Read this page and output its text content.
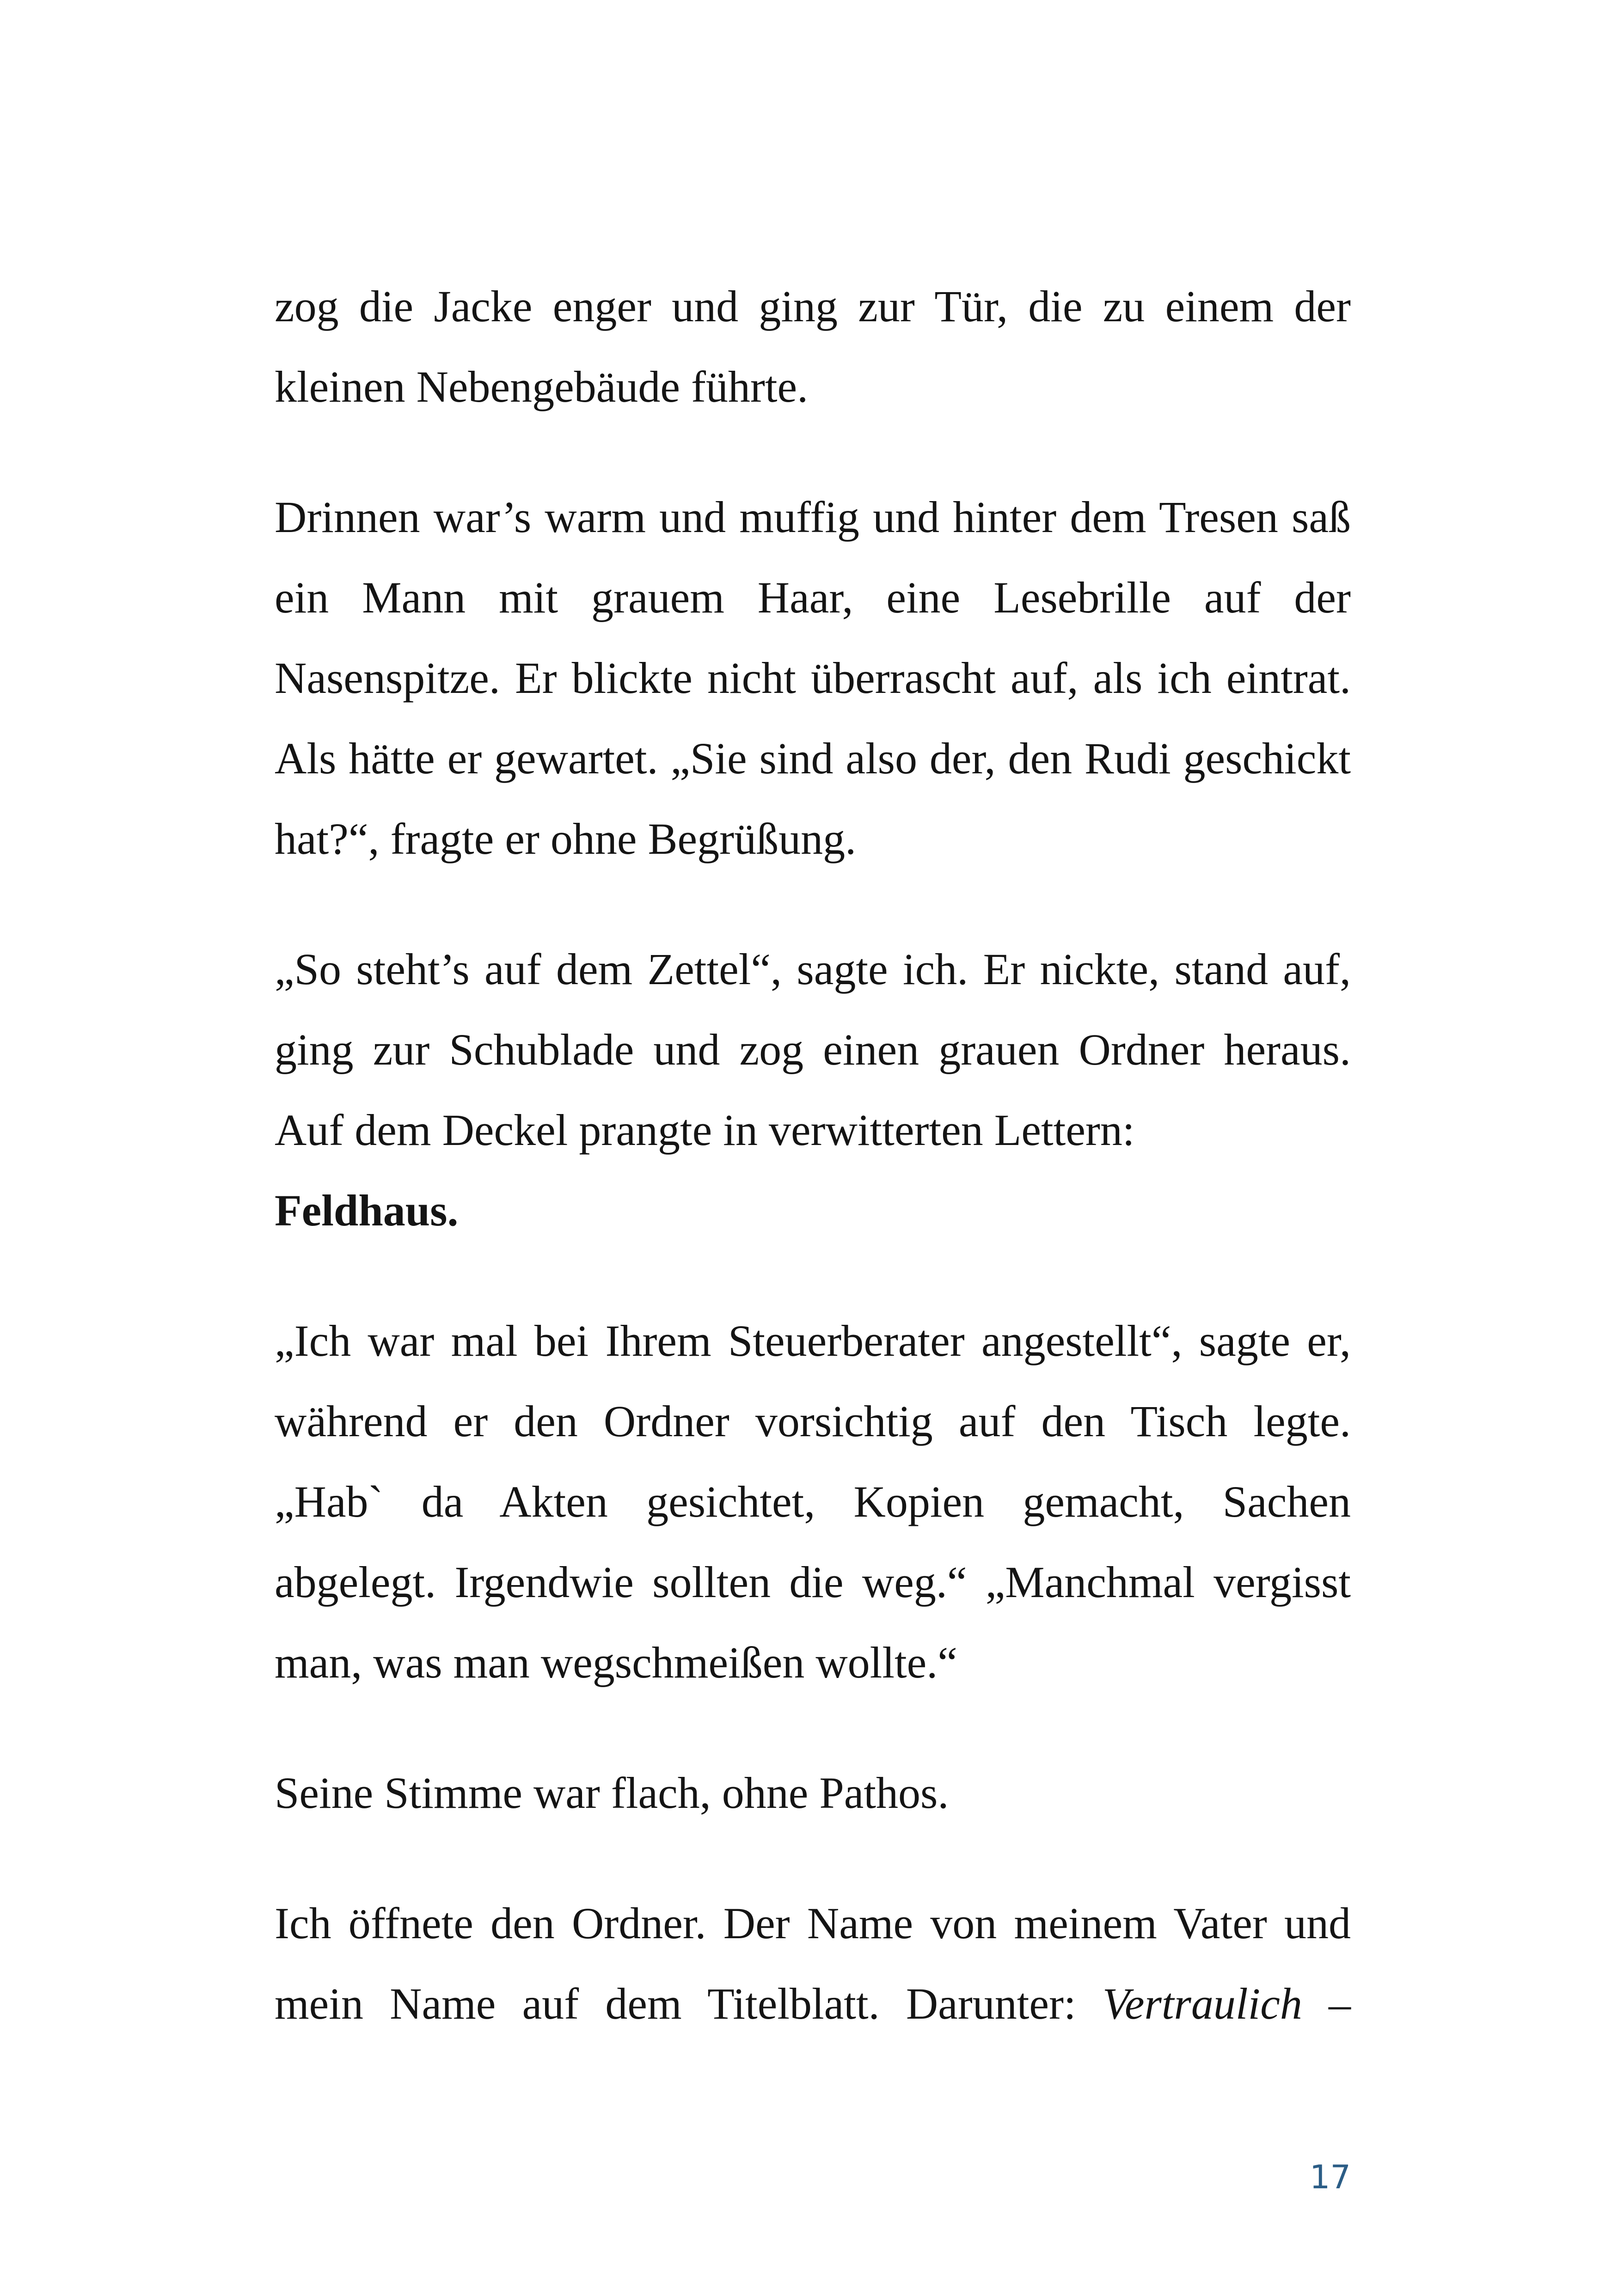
zog die Jacke enger und ging zur Tür, die zu einem der kleinen Nebengebäude führte.

Drinnen war’s warm und muffig und hinter dem Tresen saß ein Mann mit grauem Haar, eine Lesebrille auf der Nasenspitze. Er blickte nicht überrascht auf, als ich eintrat. Als hätte er gewartet. „Sie sind also der, den Rudi geschickt hat?“, fragte er ohne Begrüßung.

„So steht’s auf dem Zettel“, sagte ich. Er nickte, stand auf, ging zur Schublade und zog einen grauen Ordner heraus. Auf dem Deckel prangte in verwitterten Lettern:
Feldhaus.

„Ich war mal bei Ihrem Steuerberater angestellt“, sagte er, während er den Ordner vorsichtig auf den Tisch legte. „Hab` da Akten gesichtet, Kopien gemacht, Sachen abgelegt. Irgendwie sollten die weg.“ „Manchmal vergisst man, was man wegschmeißen wollte.“

Seine Stimme war flach, ohne Pathos.

Ich öffnete den Ordner. Der Name von meinem Vater und mein Name auf dem Titelblatt. Darunter: Vertraulich –

17
